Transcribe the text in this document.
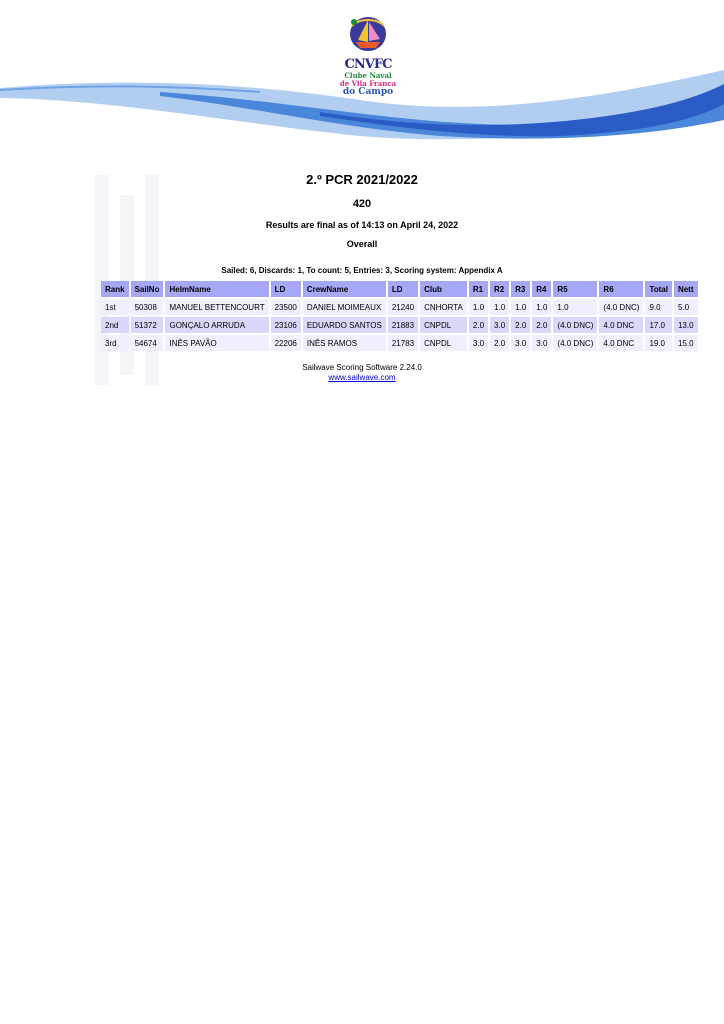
CNVFC
Clube Naval
de Vila Franca
do Campo
2.º PCR 2021/2022
420
Results are final as of 14:13 on April 24, 2022
Overall
Sailed: 6, Discards: 1, To count: 5, Entries: 3, Scoring system: Appendix A
Rank	SailNo	HelmName	LD	CrewName	LD	Club	R1	R2	R3	R4	R5	R6	Total	Nett
1st	50308	MANUEL BETTENCOURT	23500	DANIEL MOIMEAUX	21240	CNHORTA	1.0	1.0	1.0	1.0	1.0	(4.0 DNC)	9.0	5.0
2nd	51372	GONÇALO ARRUDA	23106	EDUARDO SANTOS	21883	CNPDL	2.0	3.0	2.0	2.0	(4.0 DNC)	4.0 DNC	17.0	13.0
3rd	54674	INÊS PAVÃO	22206	INÊS RAMOS	21783	CNPDL	3.0	2.0	3.0	3.0	(4.0 DNC)	4.0 DNC	19.0	15.0
Sailwave Scoring Software 2.24.0
www.sailwave.com
